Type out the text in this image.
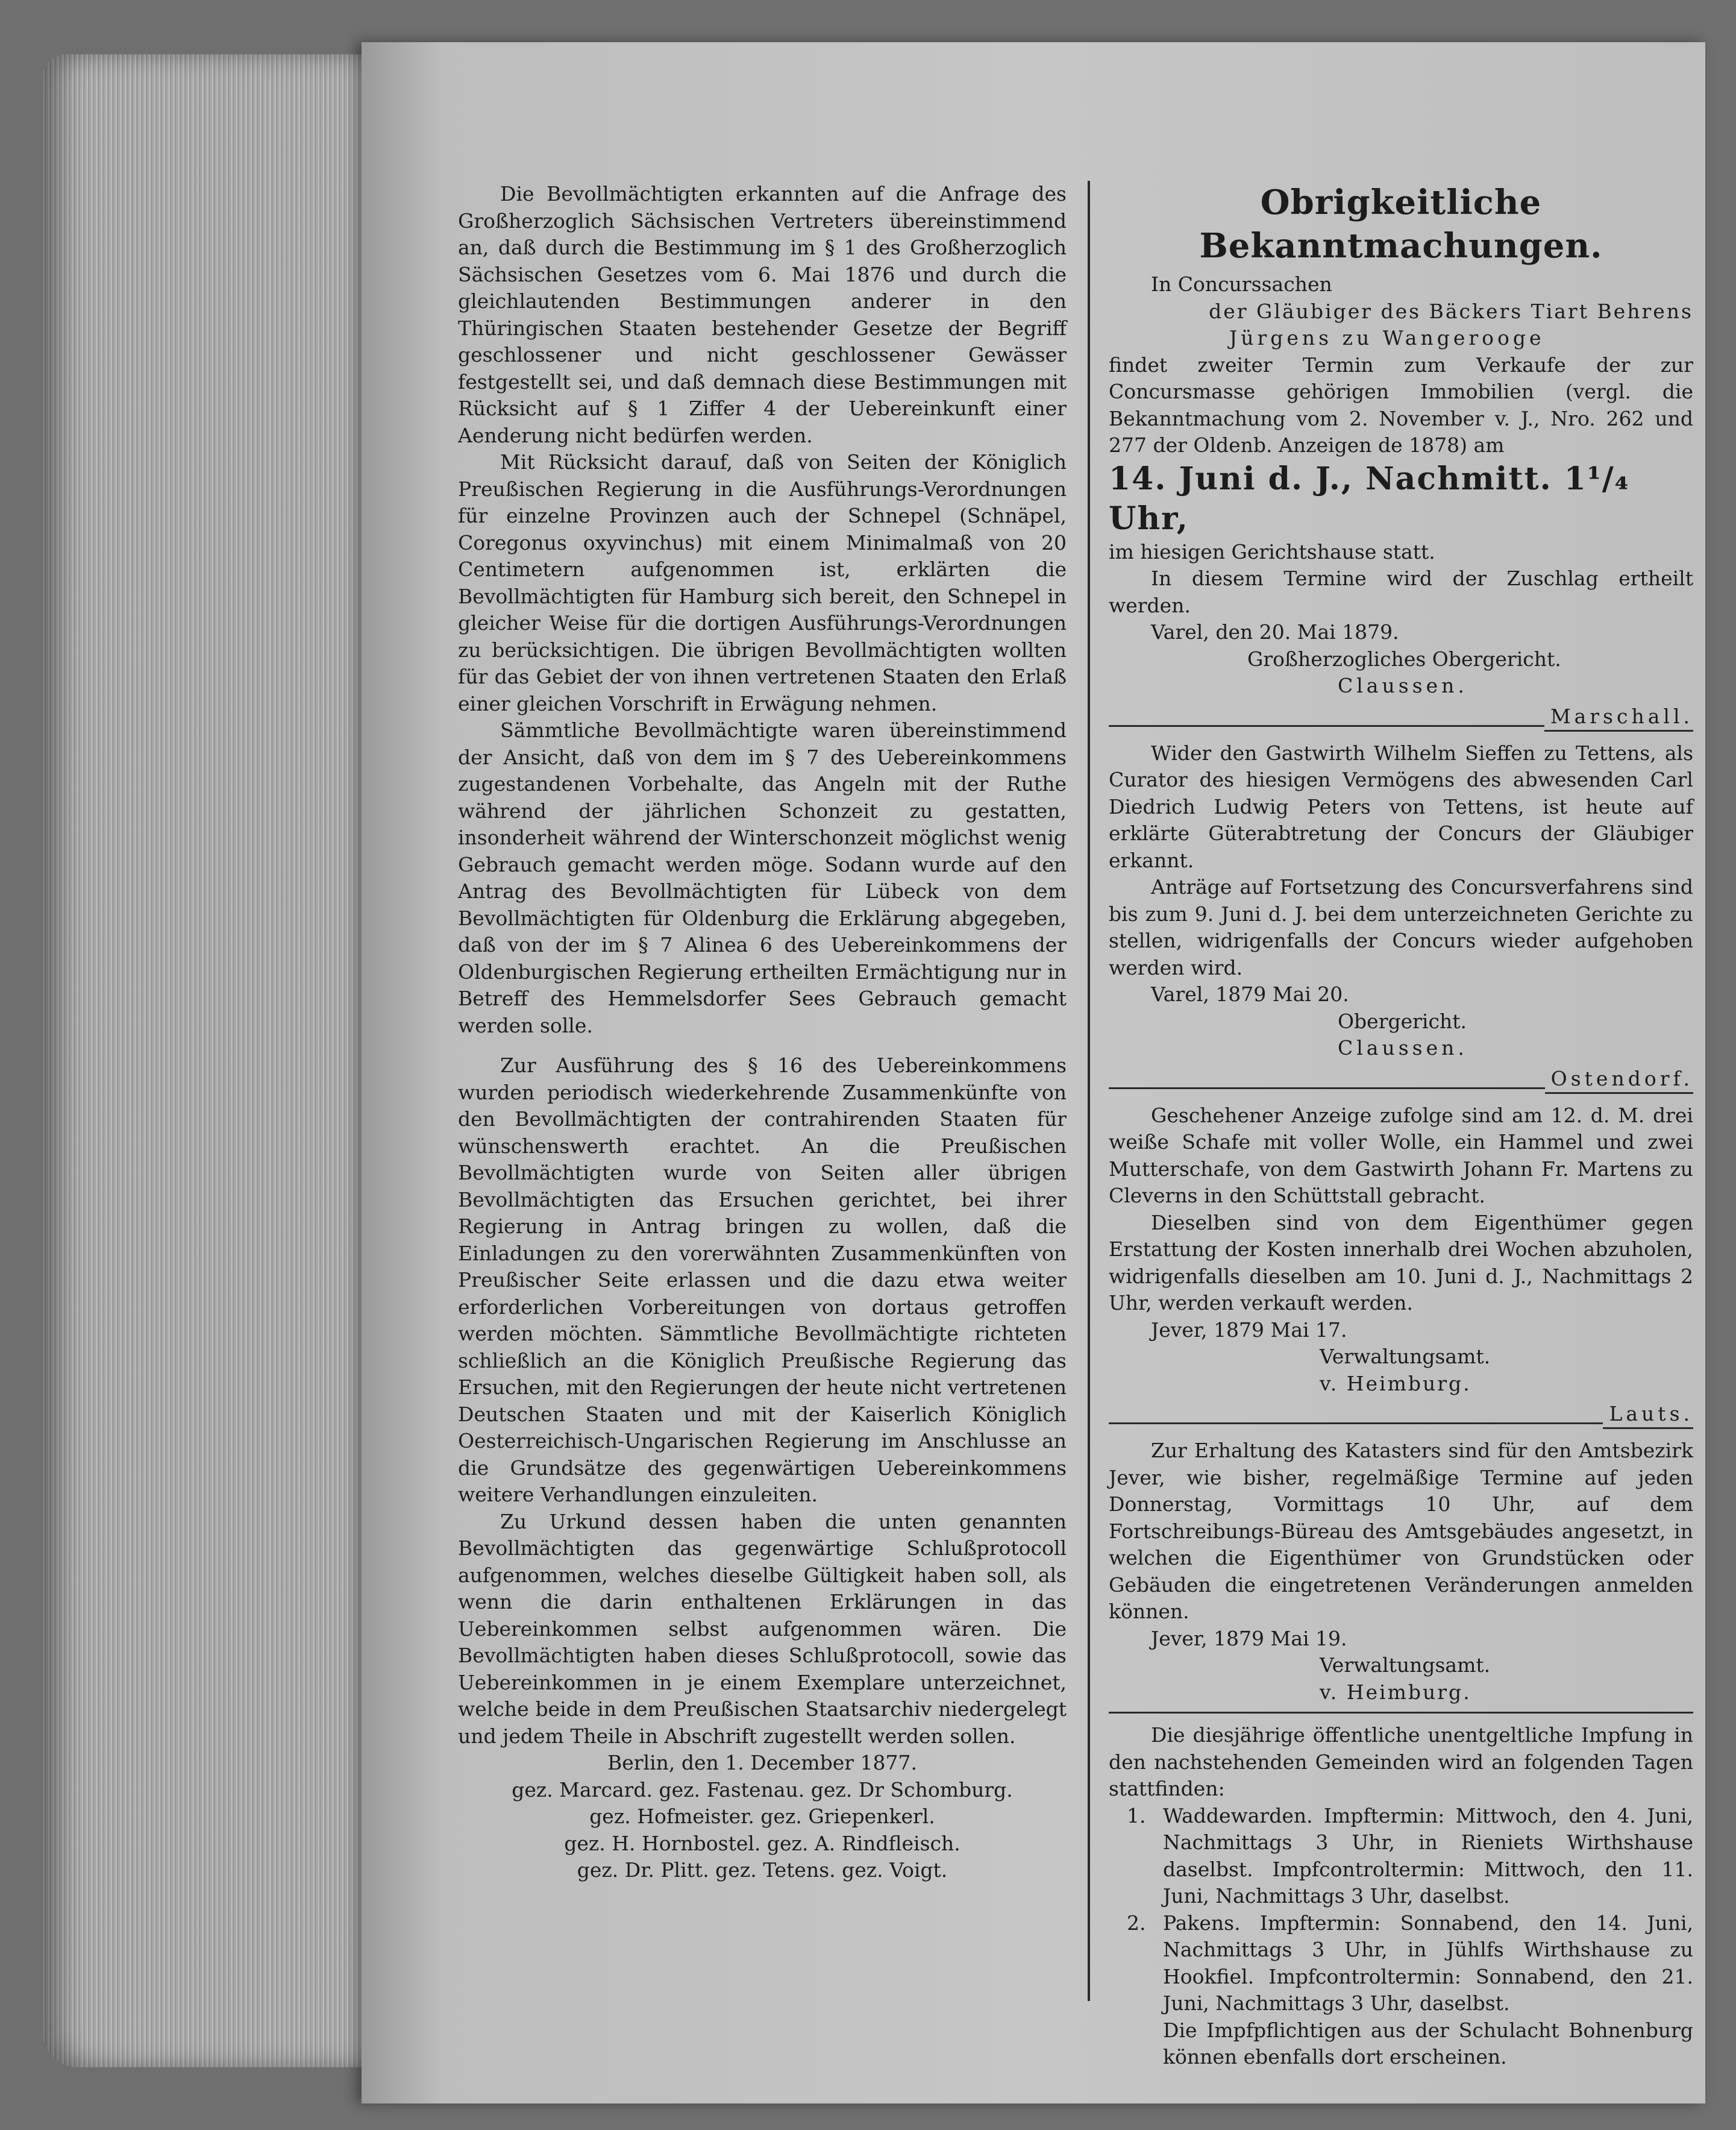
Die Bevollmächtigten erkannten auf die Anfrage des Großherzoglich Sächsischen Vertreters übereinstimmend an, daß durch die Bestimmung im § 1 des Großherzoglich Sächsischen Gesetzes vom 6. Mai 1876 und durch die gleichlautenden Bestimmungen anderer in den Thüringischen Staaten bestehender Gesetze der Begriff geschlossener und nicht geschlossener Gewässer festgestellt sei, und daß demnach diese Bestimmungen mit Rücksicht auf § 1 Ziffer 4 der Uebereinkunft einer Aenderung nicht bedürfen werden.

Mit Rücksicht darauf, daß von Seiten der Königlich Preußischen Regierung in die Ausführungs-Verordnungen für einzelne Provinzen auch der Schnepel (Schnäpel, Coregonus oxyvinchus) mit einem Minimalmaß von 20 Centimetern aufgenommen ist, erklärten die Bevollmächtigten für Hamburg sich bereit, den Schnepel in gleicher Weise für die dortigen Ausführungs-Verordnungen zu berücksichtigen. Die übrigen Bevollmächtigten wollten für das Gebiet der von ihnen vertretenen Staaten den Erlaß einer gleichen Vorschrift in Erwägung nehmen.

Sämmtliche Bevollmächtigte waren übereinstimmend der Ansicht, daß von dem im § 7 des Uebereinkommens zugestandenen Vorbehalte, das Angeln mit der Ruthe während der jährlichen Schonzeit zu gestatten, insonderheit während der Winterschonzeit möglichst wenig Gebrauch gemacht werden möge. Sodann wurde auf den Antrag des Bevollmächtigten für Lübeck von dem Bevollmächtigten für Oldenburg die Erklärung abgegeben, daß von der im § 7 Alinea 6 des Uebereinkommens der Oldenburgischen Regierung ertheilten Ermächtigung nur in Betreff des Hemmelsdorfer Sees Gebrauch gemacht werden solle.

Zur Ausführung des § 16 des Uebereinkommens wurden periodisch wiederkehrende Zusammenkünfte von den Bevollmächtigten der contrahirenden Staaten für wünschenswerth erachtet. An die Preußischen Bevollmächtigten wurde von Seiten aller übrigen Bevollmächtigten das Ersuchen gerichtet, bei ihrer Regierung in Antrag bringen zu wollen, daß die Einladungen zu den vorerwähnten Zusammenkünften von Preußischer Seite erlassen und die dazu etwa weiter erforderlichen Vorbereitungen von dortaus getroffen werden möchten. Sämmtliche Bevollmächtigte richteten schließlich an die Königlich Preußische Regierung das Ersuchen, mit den Regierungen der heute nicht vertretenen Deutschen Staaten und mit der Kaiserlich Königlich Oesterreichisch-Ungarischen Regierung im Anschlusse an die Grundsätze des gegenwärtigen Uebereinkommens weitere Verhandlungen einzuleiten.

Zu Urkund dessen haben die unten genannten Bevollmächtigten das gegenwärtige Schlußprotocoll aufgenommen, welches dieselbe Gültigkeit haben soll, als wenn die darin enthaltenen Erklärungen in das Uebereinkommen selbst aufgenommen wären. Die Bevollmächtigten haben dieses Schlußprotocoll, sowie das Uebereinkommen in je einem Exemplare unterzeichnet, welche beide in dem Preußischen Staatsarchiv niedergelegt und jedem Theile in Abschrift zugestellt werden sollen.

Berlin, den 1. December 1877.

gez. Marcard. gez. Fastenau. gez. Dr Schomburg.
gez. Hofmeister. gez. Griepenkerl.
gez. H. Hornbostel. gez. A. Rindfleisch.
gez. Dr. Plitt. gez. Tetens. gez. Voigt.
Obrigkeitliche Bekanntmachungen.

In Concurssachen

der Gläubiger des Bäckers Tiart Behrens

Jürgens zu Wangerooge

findet zweiter Termin zum Verkaufe der zur Concursmasse gehörigen Immobilien (vergl. die Bekanntmachung vom 2. November v. J., Nro. 262 und 277 der Oldenb. Anzeigen de 1878) am

14. Juni d. J., Nachmitt. 1¹/₄ Uhr,

im hiesigen Gerichtshause statt.

In diesem Termine wird der Zuschlag ertheilt werden.

Varel, den 20. Mai 1879.

Großherzogliches Obergericht.

Claussen.

Marschall.

Wider den Gastwirth Wilhelm Sieffen zu Tettens, als Curator des hiesigen Vermögens des abwesenden Carl Diedrich Ludwig Peters von Tettens, ist heute auf erklärte Güterabtretung der Concurs der Gläubiger erkannt.

Anträge auf Fortsetzung des Concursverfahrens sind bis zum 9. Juni d. J. bei dem unterzeichneten Gerichte zu stellen, widrigenfalls der Concurs wieder aufgehoben werden wird.

Varel, 1879 Mai 20.

Obergericht.

Claussen.

Ostendorf.

Geschehener Anzeige zufolge sind am 12. d. M. drei weiße Schafe mit voller Wolle, ein Hammel und zwei Mutterschafe, von dem Gastwirth Johann Fr. Martens zu Cleverns in den Schüttstall gebracht.

Dieselben sind von dem Eigenthümer gegen Erstattung der Kosten innerhalb drei Wochen abzuholen, widrigenfalls dieselben am 10. Juni d. J., Nachmittags 2 Uhr, werden verkauft werden.

Jever, 1879 Mai 17.

Verwaltungsamt.

v. Heimburg.

Lauts.

Zur Erhaltung des Katasters sind für den Amtsbezirk Jever, wie bisher, regelmäßige Termine auf jeden Donnerstag, Vormittags 10 Uhr, auf dem Fortschreibungs-Büreau des Amtsgebäudes angesetzt, in welchen die Eigenthümer von Grundstücken oder Gebäuden die eingetretenen Veränderungen anmelden können.

Jever, 1879 Mai 19.

Verwaltungsamt.

v. Heimburg.

Die diesjährige öffentliche unentgeltliche Impfung in den nachstehenden Gemeinden wird an folgenden Tagen stattfinden:

1. Waddewarden. Impftermin: Mittwoch, den 4. Juni, Nachmittags 3 Uhr, in Rieniets Wirthshause daselbst. Impfcontroltermin: Mittwoch, den 11. Juni, Nachmittags 3 Uhr, daselbst.
2. Pakens. Impftermin: Sonnabend, den 14. Juni, Nachmittags 3 Uhr, in Jühlfs Wirthshause zu Hookfiel. Impfcontroltermin: Sonnabend, den 21. Juni, Nachmittags 3 Uhr, daselbst.

Die Impfpflichtigen aus der Schulacht Bohnenburg können ebenfalls dort erscheinen.
